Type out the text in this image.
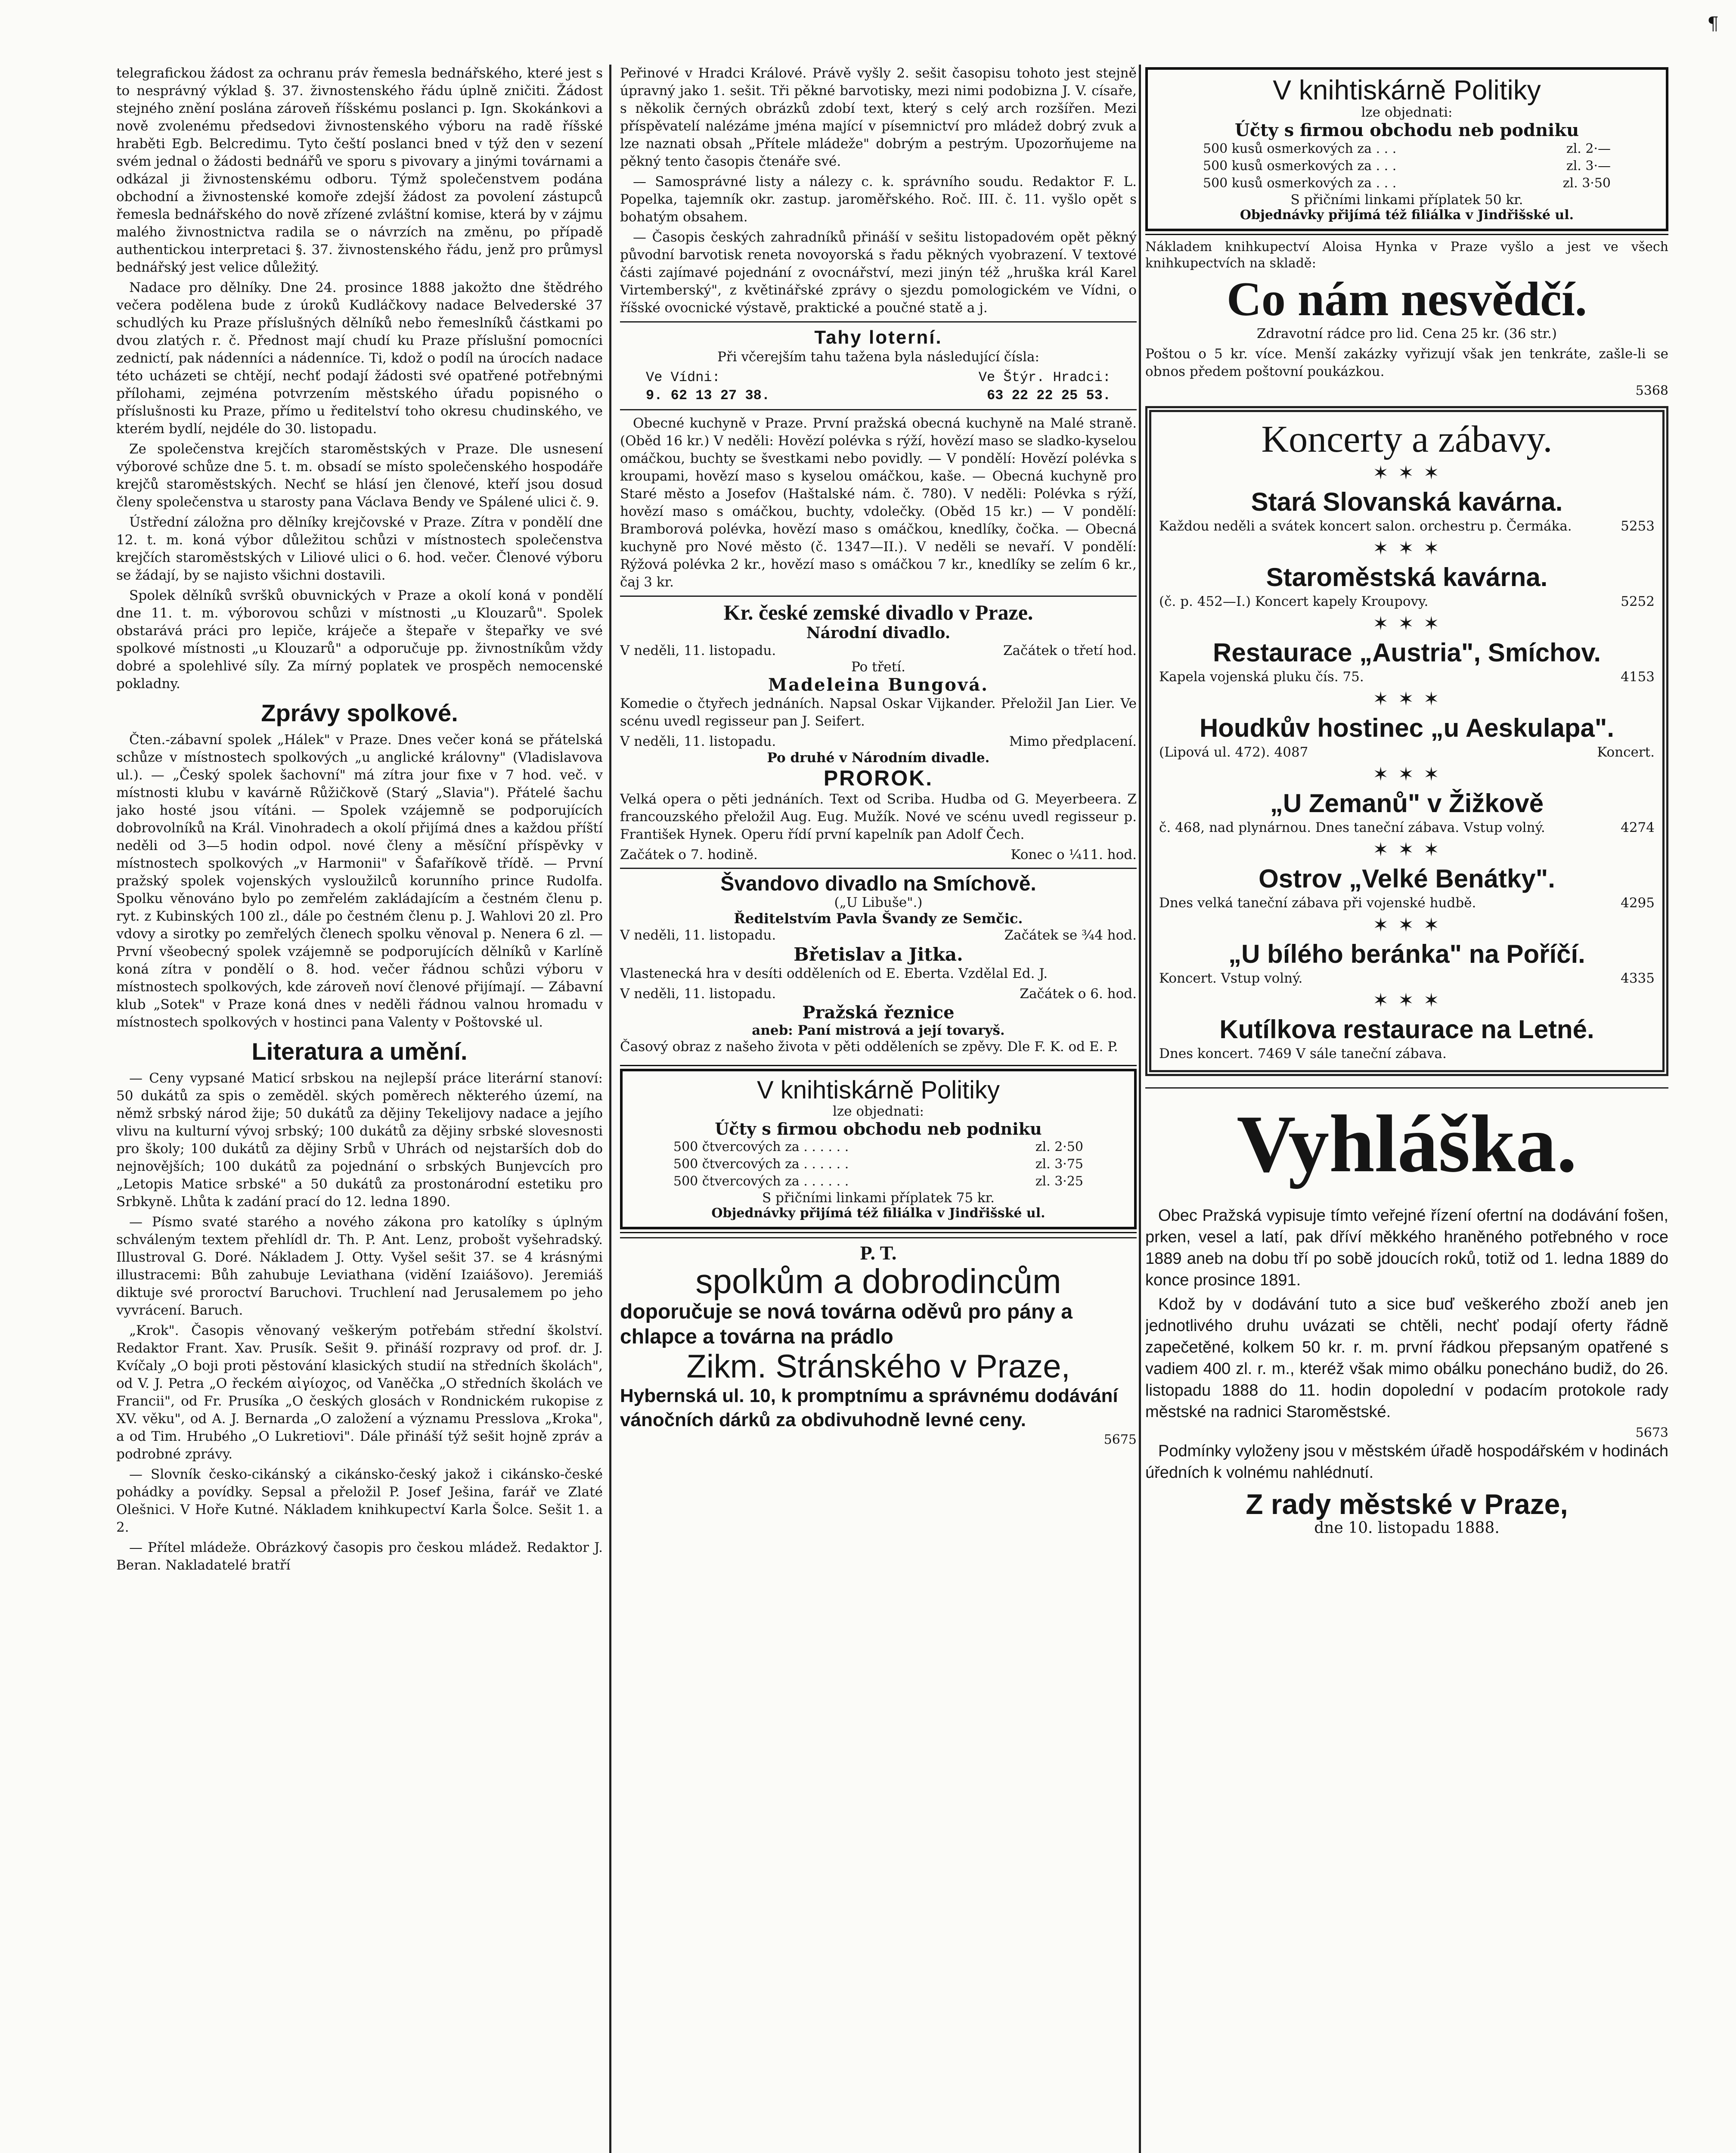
¶

telegrafickou žádost za ochranu práv řemesla bednářského, které jest s to nesprávný výklad §. 37. živnostenského řádu úplně zničiti. Žádost stejného znění poslána zároveň říšskému poslanci p. Ign. Skokánkovi a nově zvolenému předsedovi živnostenského výboru na radě říšské hraběti Egb. Belcredimu. Tyto čeští poslanci bned v týž den v sezení svém jednal o žádosti bednářů ve sporu s pivovary a jinými továrnami a odkázal ji živnostenskému odboru. Týmž společenstvem podána obchodní a živnostenské komoře zdejší žádost za povolení zástupců řemesla bednářského do nově zřízené zvláštní komise, která by v zájmu malého živnostnictva radila se o návrzích na změnu, po případě authentickou interpretaci §. 37. živnostenského řádu, jenž pro průmysl bednářský jest velice důležitý.

Nadace pro dělníky. Dne 24. prosince 1888 jakožto dne štědrého večera podělena bude z úroků Kudláčkovy nadace Belvederské 37 schudlých ku Praze příslušných dělníků nebo řemeslníků částkami po dvou zlatých r. č. Přednost mají chudí ku Praze příslušní pomocníci zednictí, pak nádenníci a nádenníce. Ti, kdož o podíl na úrocích nadace této ucházeti se chtějí, nechť podají žádosti své opatřené potřebnými přílohami, zejména potvrzením městského úřadu popisného o příslušnosti ku Praze, přímo u ředitelství toho okresu chudinského, ve kterém bydlí, nejdéle do 30. listopadu.

Ze společenstva krejčích staroměstských v Praze. Dle usnesení výborové schůze dne 5. t. m. obsadí se místo společenského hospodáře krejčů staroměstských. Nechť se hlásí jen členové, kteří jsou dosud členy společenstva u starosty pana Václava Bendy ve Spálené ulici č. 9.

Ústřední záložna pro dělníky krejčovské v Praze. Zítra v pondělí dne 12. t. m. koná výbor důležitou schůzi v místnostech společenstva krejčích staroměstských v Liliové ulici o 6. hod. večer. Členové výboru se žádají, by se najisto všichni dostavili.

Spolek dělníků svršků obuvnických v Praze a okolí koná v pondělí dne 11. t. m. výborovou schůzi v místnosti „u Klouzarů". Spolek obstarává práci pro lepiče, kráječe a štepaře v štepařky ve své spolkové místnosti „u Klouzarů" a odporučuje pp. živnostníkům vždy dobré a spolehlivé síly. Za mírný poplatek ve prospěch nemocenské pokladny.

Zprávy spolkové.

Čten.-zábavní spolek „Hálek" v Praze. Dnes večer koná se přátelská schůze v místnostech spolkových „u anglické královny" (Vladislavova ul.). — „Český spolek šachovní" má zítra jour fixe v 7 hod. več. v místnosti klubu v kavárně Růžičkově (Starý „Slavia"). Přátelé šachu jako hosté jsou vítáni. — Spolek vzájemně se podporujících dobrovolníků na Král. Vinohradech a okolí přijímá dnes a každou příští neděli od 3—5 hodin odpol. nové členy a měsíční příspěvky v místnostech spolkových „v Harmonii" v Šafaříkově třídě. — První pražský spolek vojenských vysloužilců korunního prince Rudolfa. Spolku věnováno bylo po zemřelém zakládajícím a čestném členu p. ryt. z Kubinských 100 zl., dále po čestném členu p. J. Wahlovi 20 zl. Pro vdovy a sirotky po zemřelých členech spolku věnoval p. Nenera 6 zl. — První všeobecný spolek vzájemně se podporujících dělníků v Karlíně koná zítra v pondělí o 8. hod. večer řádnou schůzi výboru v místnostech spolkových, kde zároveň noví členové přijímají. — Zábavní klub „Sotek" v Praze koná dnes v neděli řádnou valnou hromadu v místnostech spolkových v hostinci pana Valenty v Poštovské ul.

Literatura a umění.

— Ceny vypsané Maticí srbskou na nejlepší práce literární stanoví: 50 dukátů za spis o zeměděl. ských poměrech některého území, na němž srbský národ žije; 50 dukátů za dějiny Tekelijovy nadace a jejího vlivu na kulturní vývoj srbský; 100 dukátů za dějiny srbské slovesnosti pro školy; 100 dukátů za dějiny Srbů v Uhrách od nejstarších dob do nejnovějších; 100 dukátů za pojednání o srbských Bunjevcích pro „Letopis Matice srbské" a 50 dukátů za prostonárodní estetiku pro Srbkyně. Lhůta k zadání prací do 12. ledna 1890.

— Písmo svaté starého a nového zákona pro katolíky s úplným schváleným textem přehlídl dr. Th. P. Ant. Lenz, probošt vyšehradský. Illustroval G. Doré. Nákladem J. Otty. Vyšel sešit 37. se 4 krásnými illustracemi: Bůh zahubuje Leviathana (vidění Izaiášovo). Jeremiáš diktuje své proroctví Baruchovi. Truchlení nad Jerusalemem po jeho vyvrácení. Baruch.

„Krok". Časopis věnovaný veškerým potřebám střední školství. Redaktor Frant. Xav. Prusík. Sešit 9. přináší rozpravy od prof. dr. J. Kvíčaly „O boji proti pěstování klasických studií na středních školách", od V. J. Petra „O řeckém αἰγίοχος, od Vaněčka „O středních školách ve Francii", od Fr. Prusíka „O českých glosách v Rondnickém rukopise z XV. věku", od A. J. Bernarda „O založení a významu Presslova „Kroka", a od Tim. Hrubého „O Lukretiovi". Dále přináší týž sešit hojně zpráv a podrobné zprávy.

— Slovník česko-cikánský a cikánsko-český jakož i cikánsko-české pohádky a povídky. Sepsal a přeložil P. Josef Ješina, farář ve Zlaté Olešnici. V Hoře Kutné. Nákladem knihkupectví Karla Šolce. Sešit 1. a 2.

— Přítel mládeže. Obrázkový časopis pro českou mládež. Redaktor J. Beran. Nakladatelé bratří

Peřinové v Hradci Králové. Právě vyšly 2. sešit časopisu tohoto jest stejně úpravný jako 1. sešit. Tři pěkné barvotisky, mezi nimi podobizna J. V. císaře, s několik černých obrázků zdobí text, který s celý arch rozšířen. Mezi příspěvatelí nalézáme jména mající v písemnictví pro mládež dobrý zvuk a lze naznati obsah „Přítele mládeže" dobrým a pestrým. Upozorňujeme na pěkný tento časopis čtenáře své.

— Samosprávné listy a nálezy c. k. správního soudu. Redaktor F. L. Popelka, tajemník okr. zastup. jaroměřského. Roč. III. č. 11. vyšlo opět s bohatým obsahem.

— Časopis českých zahradníků přináší v sešitu listopadovém opět pěkný původní barvotisk reneta novoyorská s řadu pěkných vyobrazení. V textové části zajímavé pojednání z ovocnářství, mezi jinýn též „hruška král Karel Virtemberský", z květinářské zprávy o sjezdu pomologickém ve Vídni, o říšské ovocnické výstavě, praktické a poučné statě a j.

Tahy loterní.

Při včerejším tahu tažena byla následující čísla:

Ve Vídni:	Ve Štýr. Hradci:
9. 62 13 27 38.	63 22 22 25 53.

Obecné kuchyně v Praze. První pražská obecná kuchyně na Malé straně. (Oběd 16 kr.) V neděli: Hovězí polévka s rýží, hovězí maso se sladko-kyselou omáčkou, buchty se švestkami nebo povidly. — V pondělí: Hovězí polévka s kroupami, hovězí maso s kyselou omáčkou, kaše. — Obecná kuchyně pro Staré město a Josefov (Haštalské nám. č. 780). V neděli: Polévka s rýží, hovězí maso s omáčkou, buchty, vdolečky. (Oběd 15 kr.) — V pondělí: Bramborová polévka, hovězí maso s omáčkou, knedlíky, čočka. — Obecná kuchyně pro Nové město (č. 1347—II.). V neděli se nevaří. V pondělí: Rýžová polévka 2 kr., hovězí maso s omáčkou 7 kr., knedlíky se zelím 6 kr., čaj 3 kr.

Kr. české zemské divadlo v Praze.
Národní divadlo.
V neděli, 11. listopadu.	Začátek o třetí hod.
Po třetí.
Madeleina Bungová.

Komedie o čtyřech jednáních. Napsal Oskar Vijkander. Přeložil Jan Lier. Ve scénu uvedl regisseur pan J. Seifert.

V neděli, 11. listopadu.	Mimo předplacení.
Po druhé v Národním divadle.
PROROK.

Velká opera o pěti jednáních. Text od Scriba. Hudba od G. Meyerbeera. Z francouzského přeložil Aug. Eug. Mužík. Nové ve scénu uvedl regisseur p. František Hynek. Operu řídí první kapelník pan Adolf Čech.

Začátek o 7. hodině.	Konec o ¼11. hod.
Švandovo divadlo na Smíchově.
(„U Libuše".)
Ředitelstvím Pavla Švandy ze Semčic.
V neděli, 11. listopadu.	Začátek se ¾4 hod.
Břetislav a Jitka.

Vlastenecká hra v desíti odděleních od E. Eberta. Vzdělal Ed. J.

V neděli, 11. listopadu.	Začátek o 6. hod.
Pražská řeznice
aneb: Paní mistrová a její tovaryš.

Časový obraz z našeho života v pěti odděleních se zpěvy. Dle F. K. od E. P.

V knihtiskárně Politiky
lze objednati:
Účty s firmou obchodu neb podniku
500 čtvercových za . . . . . .	zl. 2·50
500 čtvercových za . . . . . .	zl. 3·75
500 čtvercových za . . . . . .	zl. 3·25
S přičními linkami příplatek 75 kr.
Objednávky přijímá též filiálka v Jindřišské ul.
P. T.
spolkům a dobrodincům
doporučuje se nová továrna oděvů pro pány a chlapce a továrna na prádlo
Zikm. Stránského v Praze,
Hybernská ul. 10, k promptnímu a správnému dodávání vánočních dárků za obdivuhodně levné ceny.
5675
V knihtiskárně Politiky
lze objednati:
Účty s firmou obchodu neb podniku
500 kusů osmerkových za . . .	zl. 2·—
500 kusů osmerkových za . . .	zl. 3·—
500 kusů osmerkových za . . .	zl. 3·50
S přičními linkami příplatek 50 kr.
Objednávky přijímá též filiálka v Jindřišské ul.

Nákladem knihkupectví Aloisa Hynka v Praze vyšlo a jest ve všech knihkupectvích na skladě:

Co nám nesvědčí.

Zdravotní rádce pro lid. Cena 25 kr. (36 str.)

Poštou o 5 kr. více. Menší zakázky vyřizují však jen tenkráte, zašle-li se obnos předem poštovní poukázkou.

5368
Koncerty a zábavy.
✶ ✶ ✶
Stará Slovanská kavárna.
Každou neděli a svátek koncert salon. orchestru p. Čermáka.	5253
✶ ✶ ✶
Staroměstská kavárna.
(č. p. 452—I.) Koncert kapely Kroupovy.	5252
✶ ✶ ✶
Restaurace „Austria", Smíchov.
Kapela vojenská pluku čís. 75.	4153
✶ ✶ ✶
Houdkův hostinec „u Aeskulapa".
(Lipová ul. 472). 4087	Koncert.
✶ ✶ ✶
„U Zemanů" v Žižkově
č. 468, nad plynárnou. Dnes taneční zábava. Vstup volný.	4274
✶ ✶ ✶
Ostrov „Velké Benátky".
Dnes velká taneční zábava při vojenské hudbě.	4295
✶ ✶ ✶
„U bílého beránka" na Poříčí.
Koncert. Vstup volný.	4335
✶ ✶ ✶
Kutílkova restaurace na Letné.
Dnes koncert. 7469 V sále taneční zábava.
Vyhláška.

Obec Pražská vypisuje tímto veřejné řízení ofertní na dodávání fošen, prken, vesel a latí, pak dříví měkkého hraněného potřebného v roce 1889 aneb na dobu tří po sobě jdoucích roků, totiž od 1. ledna 1889 do konce prosince 1891.

Kdož by v dodávání tuto a sice buď veškerého zboží aneb jen jednotlivého druhu uvázati se chtěli, nechť podají oferty řádně zapečetěné, kolkem 50 kr. r. m. první řádkou přepsaným opatřené s vadiem 400 zl. r. m., kteréž však mimo obálku ponecháno budiž, do 26. listopadu 1888 do 11. hodin dopolední v podacím protokole rady městské na radnici Staroměstské.

5673

Podmínky vyloženy jsou v městském úřadě hospodářském v hodinách úředních k volnému nahlédnutí.

Z rady městské v Praze,
dne 10. listopadu 1888.
